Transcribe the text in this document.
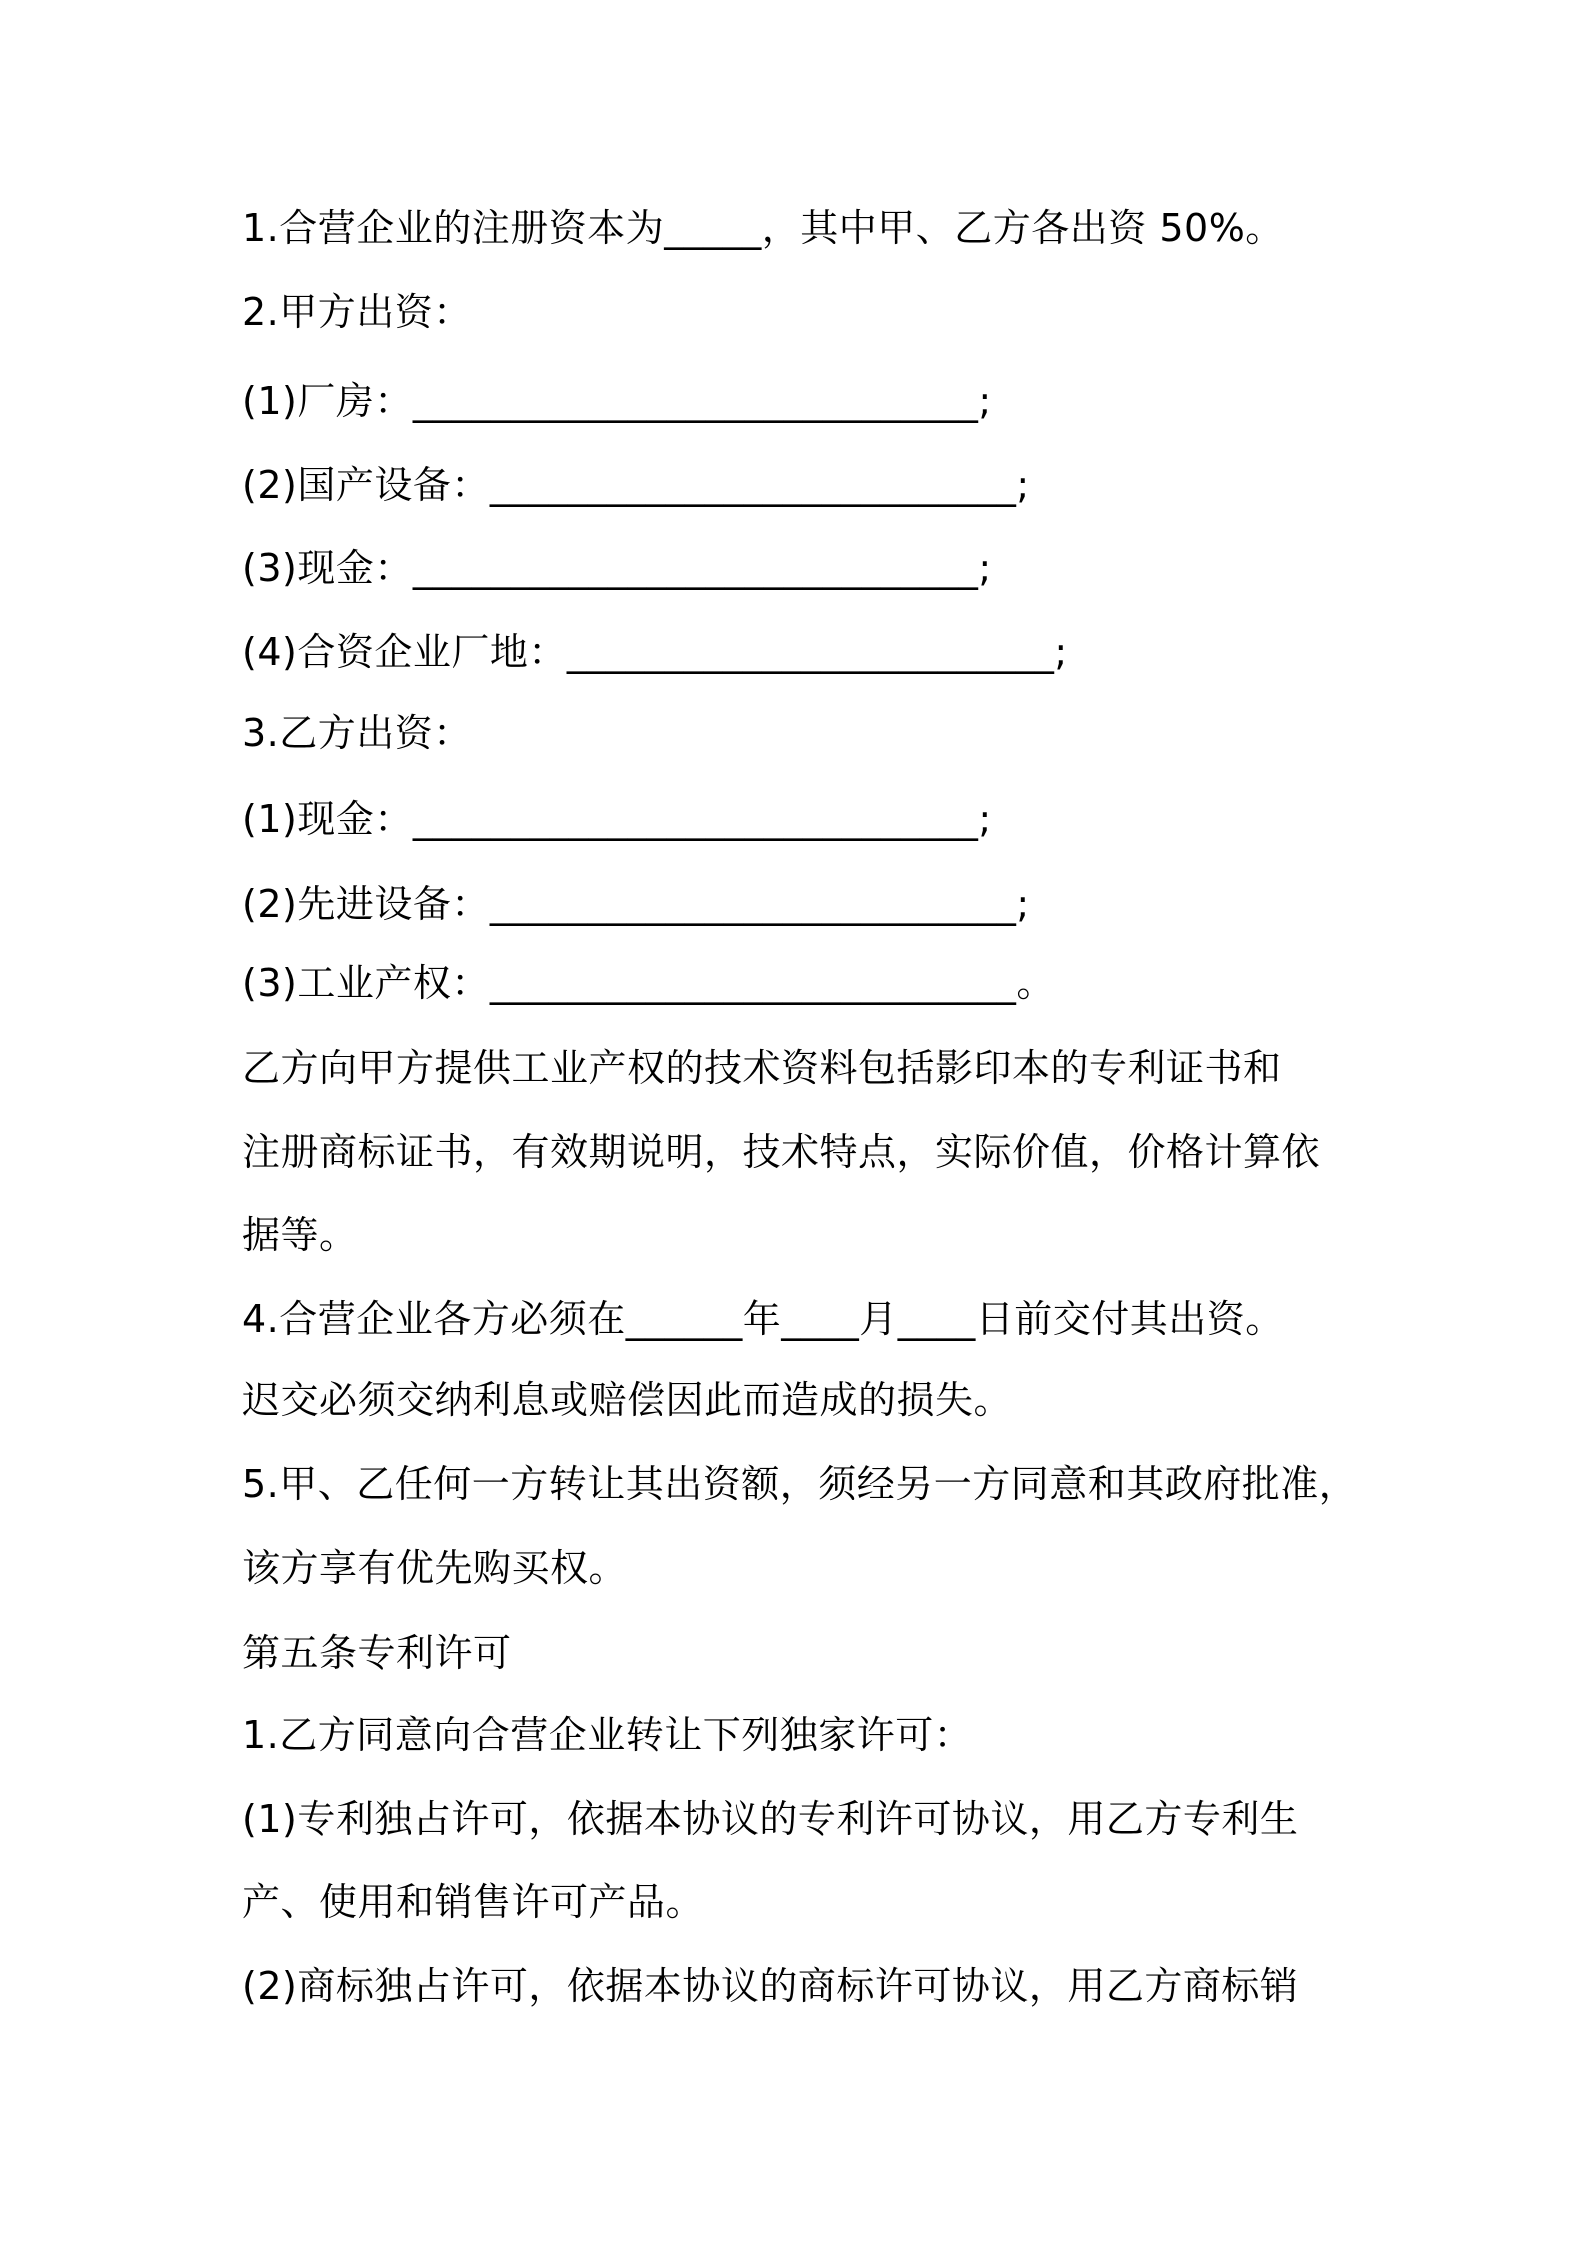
1.合营企业的注册资本为_____，其中甲、乙方各出资 50%。
2.甲方出资：
(1)厂房：_____________________________;
(2)国产设备：___________________________;
(3)现金：_____________________________;
(4)合资企业厂地：_________________________;
3.乙方出资：
(1)现金：_____________________________;
(2)先进设备：___________________________;
(3)工业产权：___________________________。
乙方向甲方提供工业产权的技术资料包括影印本的专利证书和
注册商标证书，有效期说明，技术特点，实际价值，价格计算依
据等。
4.合营企业各方必须在______年____月____日前交付其出资。
迟交必须交纳利息或赔偿因此而造成的损失。
5.甲、乙任何一方转让其出资额，须经另一方同意和其政府批准，
该方享有优先购买权。
第五条专利许可
1.乙方同意向合营企业转让下列独家许可：
(1)专利独占许可，依据本协议的专利许可协议，用乙方专利生
产、使用和销售许可产品。
(2)商标独占许可，依据本协议的商标许可协议，用乙方商标销
